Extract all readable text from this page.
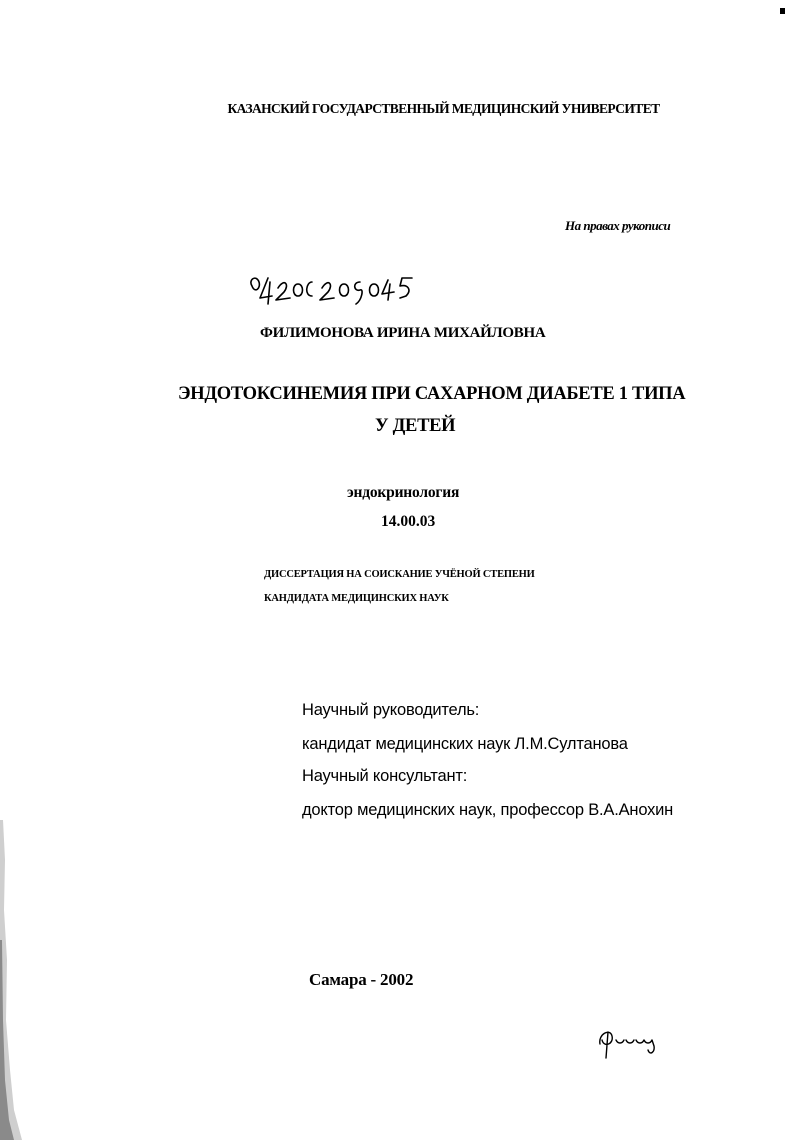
КАЗАНСКИЙ ГОСУДАРСТВЕННЫЙ МЕДИЦИНСКИЙ УНИВЕРСИТЕТ
На правах рукописи
ФИЛИМОНОВА ИРИНА МИХАЙЛОВНА
ЭНДОТОКСИНЕМИЯ ПРИ САХАРНОМ ДИАБЕТЕ 1 ТИПА
У ДЕТЕЙ
эндокринология
14.00.03
ДИССЕРТАЦИЯ НА СОИСКАНИЕ УЧЁНОЙ СТЕПЕНИ
КАНДИДАТА МЕДИЦИНСКИХ НАУК
Научный руководитель:
кандидат медицинских наук Л.М.Султанова
Научный консультант:
доктор медицинских наук, профессор В.А.Анохин
Самара - 2002
